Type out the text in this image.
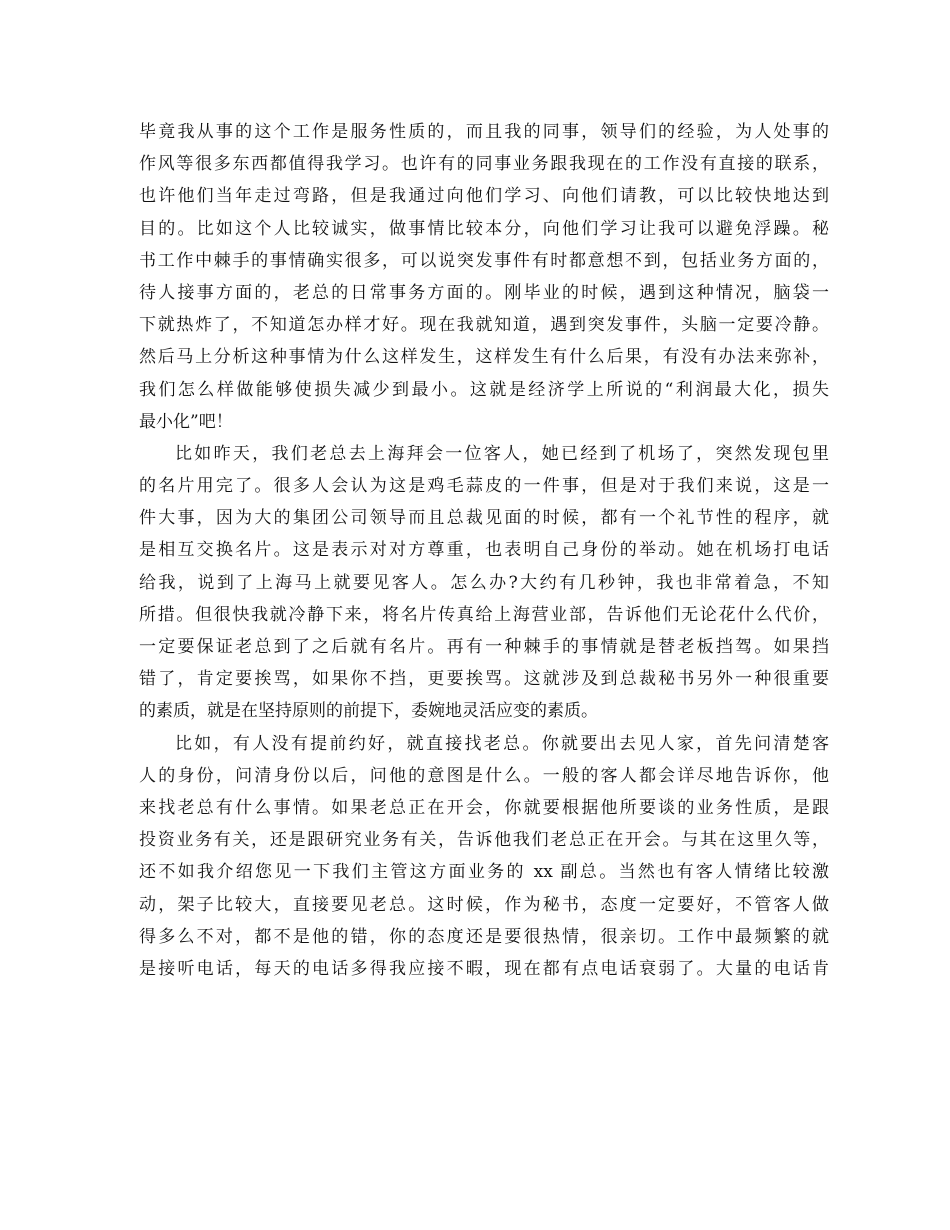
毕竟我从事的这个工作是服务性质的，而且我的同事，领导们的经验，为人处事的
作风等很多东西都值得我学习。也许有的同事业务跟我现在的工作没有直接的联系，
也许他们当年走过弯路，但是我通过向他们学习、向他们请教，可以比较快地达到
目的。比如这个人比较诚实，做事情比较本分，向他们学习让我可以避免浮躁。秘
书工作中棘手的事情确实很多，可以说突发事件有时都意想不到，包括业务方面的，
待人接事方面的，老总的日常事务方面的。刚毕业的时候，遇到这种情况，脑袋一
下就热炸了，不知道怎办样才好。现在我就知道，遇到突发事件，头脑一定要冷静。
然后马上分析这种事情为什么这样发生，这样发生有什么后果，有没有办法来弥补，
我们怎么样做能够使损失减少到最小。这就是经济学上所说的“利润最大化，损失
最小化”吧！
比如昨天，我们老总去上海拜会一位客人，她已经到了机场了，突然发现包里
的名片用完了。很多人会认为这是鸡毛蒜皮的一件事，但是对于我们来说，这是一
件大事，因为大的集团公司领导而且总裁见面的时候，都有一个礼节性的程序，就
是相互交换名片。这是表示对对方尊重，也表明自己身份的举动。她在机场打电话
给我，说到了上海马上就要见客人。怎么办?大约有几秒钟，我也非常着急，不知
所措。但很快我就冷静下来，将名片传真给上海营业部，告诉他们无论花什么代价，
一定要保证老总到了之后就有名片。再有一种棘手的事情就是替老板挡驾。如果挡
错了，肯定要挨骂，如果你不挡，更要挨骂。这就涉及到总裁秘书另外一种很重要
的素质，就是在坚持原则的前提下，委婉地灵活应变的素质。
比如，有人没有提前约好，就直接找老总。你就要出去见人家，首先问清楚客
人的身份，问清身份以后，问他的意图是什么。一般的客人都会详尽地告诉你，他
来找老总有什么事情。如果老总正在开会，你就要根据他所要谈的业务性质，是跟
投资业务有关，还是跟研究业务有关，告诉他我们老总正在开会。与其在这里久等，
还不如我介绍您见一下我们主管这方面业务的 xx 副总。当然也有客人情绪比较激
动，架子比较大，直接要见老总。这时候，作为秘书，态度一定要好，不管客人做
得多么不对，都不是他的错，你的态度还是要很热情，很亲切。工作中最频繁的就
是接听电话，每天的电话多得我应接不暇，现在都有点电话衰弱了。大量的电话肯
